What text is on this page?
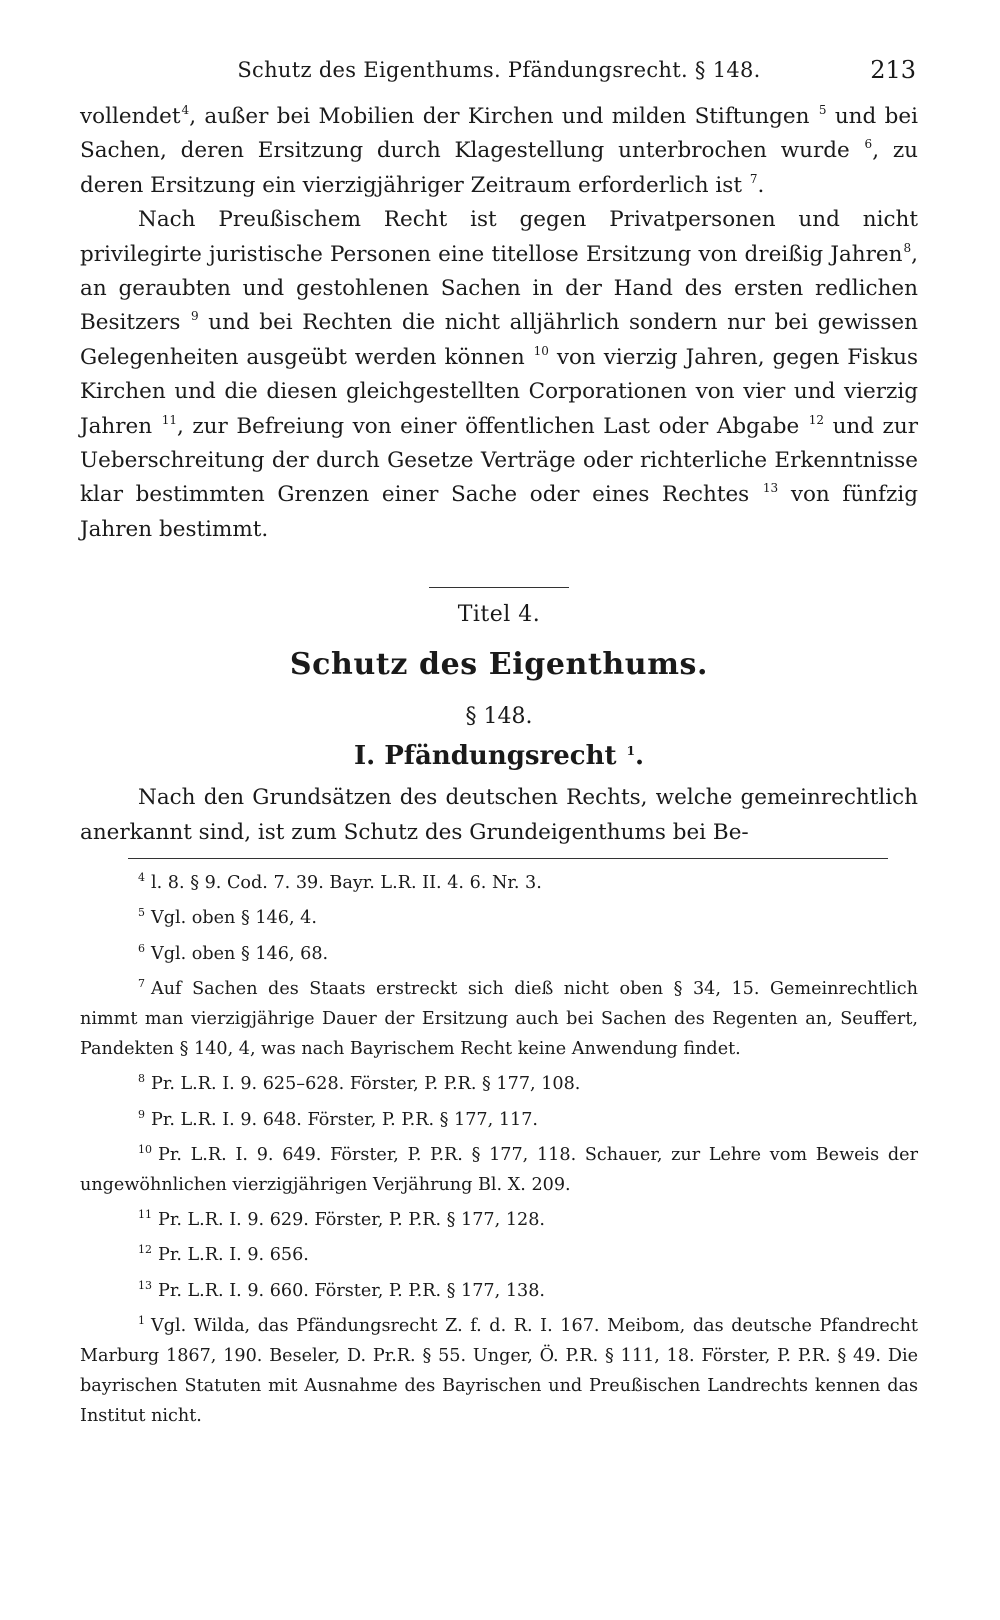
Schutz des Eigenthums. Pfändungsrecht. § 148.	213

vollendet$^4$, außer bei Mobilien der Kirchen und milden Stiftungen $^5$ und bei Sachen, deren Ersitzung durch Klagestellung unterbrochen wurde $^6$, zu deren Ersitzung ein vierzigjähriger Zeitraum erforderlich ist $^7$.

Nach Preußischem Recht ist gegen Privatpersonen und nicht privilegirte juristische Personen eine titellose Ersitzung von dreißig Jahren$^8$, an geraubten und gestohlenen Sachen in der Hand des ersten redlichen Besitzers $^9$ und bei Rechten die nicht alljährlich sondern nur bei gewissen Gelegenheiten ausgeübt werden können $^{10}$ von vierzig Jahren, gegen Fiskus Kirchen und die diesen gleichgestellten Corporationen von vier und vierzig Jahren $^{11}$, zur Befreiung von einer öffentlichen Last oder Abgabe $^{12}$ und zur Ueberschreitung der durch Gesetze Verträge oder richterliche Erkenntnisse klar bestimmten Grenzen einer Sache oder eines Rechtes $^{13}$ von fünfzig Jahren bestimmt.

Titel 4.
Schutz des Eigenthums.
§ 148.
I. Pfändungsrecht $^1$.

Nach den Grundsätzen des deutschen Rechts, welche gemeinrechtlich anerkannt sind, ist zum Schutz des Grundeigenthums bei Be-

4 l. 8. § 9. Cod. 7. 39. Bayr. L.R. II. 4. 6. Nr. 3.

5 Vgl. oben § 146, 4.

6 Vgl. oben § 146, 68.

7 Auf Sachen des Staats erstreckt sich dieß nicht oben § 34, 15. Gemeinrechtlich nimmt man vierzigjährige Dauer der Ersitzung auch bei Sachen des Regenten an, Seuffert, Pandekten § 140, 4, was nach Bayrischem Recht keine Anwendung findet.

8 Pr. L.R. I. 9. 625–628. Förster, P. P.R. § 177, 108.

9 Pr. L.R. I. 9. 648. Förster, P. P.R. § 177, 117.

10 Pr. L.R. I. 9. 649. Förster, P. P.R. § 177, 118. Schauer, zur Lehre vom Beweis der ungewöhnlichen vierzigjährigen Verjährung Bl. X. 209.

11 Pr. L.R. I. 9. 629. Förster, P. P.R. § 177, 128.

12 Pr. L.R. I. 9. 656.

13 Pr. L.R. I. 9. 660. Förster, P. P.R. § 177, 138.

1 Vgl. Wilda, das Pfändungsrecht Z. f. d. R. I. 167. Meibom, das deutsche Pfandrecht Marburg 1867, 190. Beseler, D. Pr.R. § 55. Unger, Ö. P.R. § 111, 18. Förster, P. P.R. § 49. Die bayrischen Statuten mit Ausnahme des Bayrischen und Preußischen Landrechts kennen das Institut nicht.
